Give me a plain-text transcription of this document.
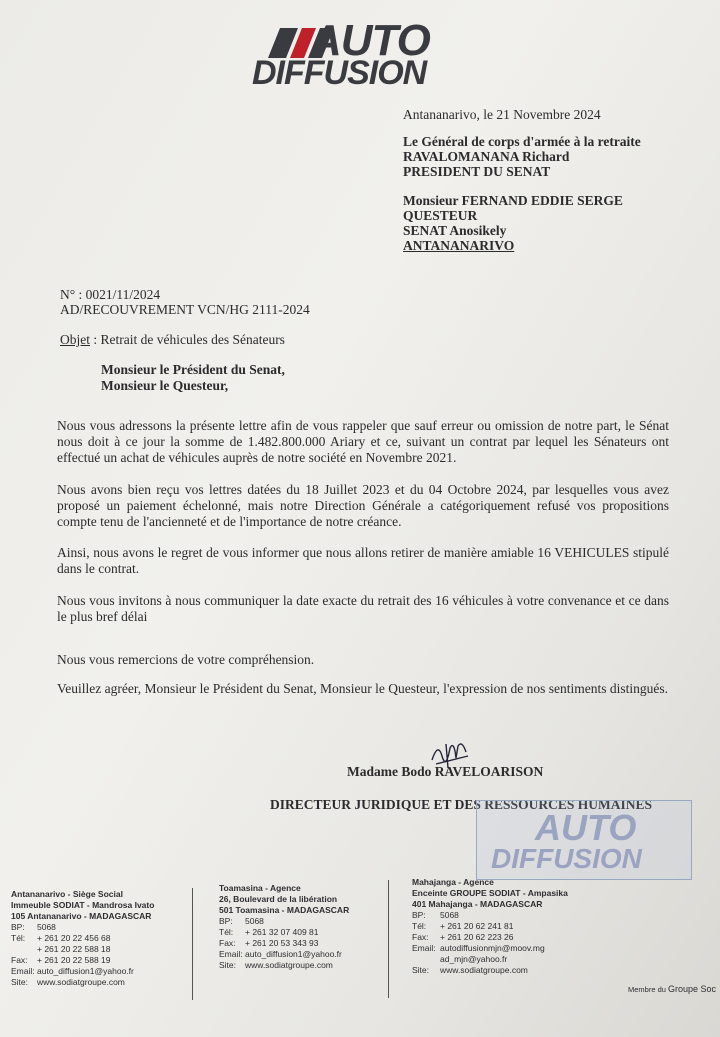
AUTO
DIFFUSION
Antananarivo, le 21 Novembre 2024
Le Général de corps d'armée à la retraite
RAVALOMANANA Richard
PRESIDENT DU SENAT
Monsieur FERNAND EDDIE SERGE
QUESTEUR
SENAT Anosikely
ANTANANARIVO
N° : 0021/11/2024
AD/RECOUVREMENT VCN/HG 2111-2024
Objet : Retrait de véhicules des Sénateurs
Monsieur le Président du Senat,
Monsieur le Questeur,
Nous vous adressons la présente lettre afin de vous rappeler que sauf erreur ou omission de notre part, le Sénat nous doit à ce jour la somme de 1.482.800.000 Ariary et ce, suivant un contrat par lequel les Sénateurs ont effectué un achat de véhicules auprès de notre société en Novembre 2021.
Nous avons bien reçu vos lettres datées du 18 Juillet 2023 et du 04 Octobre 2024, par lesquelles vous avez proposé un paiement échelonné, mais notre Direction Générale a catégoriquement refusé vos propositions compte tenu de l'ancienneté et de l'importance de notre créance.
Ainsi, nous avons le regret de vous informer que nous allons retirer de manière amiable 16 VEHICULES stipulé dans le contrat.
Nous vous invitons à nous communiquer la date exacte du retrait des 16 véhicules à votre convenance et ce dans le plus bref délai
Nous vous remercions de votre compréhension.
Veuillez agréer, Monsieur le Président du Senat, Monsieur le Questeur, l'expression de nos sentiments distingués.
Madame Bodo RAVELOARISON
DIRECTEUR JURIDIQUE ET DES RESSOURCES HUMAINES
AUTO
DIFFUSION
Antananarivo - Siège Social
Immeuble SODIAT - Mandrosa Ivato
105 Antananarivo - MADAGASCAR
BP: 5068
Tél: + 261 20 22 456 68
+ 261 20 22 588 18
Fax: + 261 20 22 588 19
Email: auto_diffusion1@yahoo.fr
Site: www.sodiatgroupe.com
Toamasina - Agence
26, Boulevard de la libération
501 Toamasina - MADAGASCAR
BP: 5068
Tél: + 261 32 07 409 81
Fax: + 261 20 53 343 93
Email: auto_diffusion1@yahoo.fr
Site: www.sodiatgroupe.com
Mahajanga - Agence
Enceinte GROUPE SODIAT - Ampasika
401 Mahajanga - MADAGASCAR
BP: 5068
Tél: + 261 20 62 241 81
Fax: + 261 20 62 223 26
Email: autodiffusionmjn@moov.mg
ad_mjn@yahoo.fr
Site: www.sodiatgroupe.com
Membre du Groupe Soc
